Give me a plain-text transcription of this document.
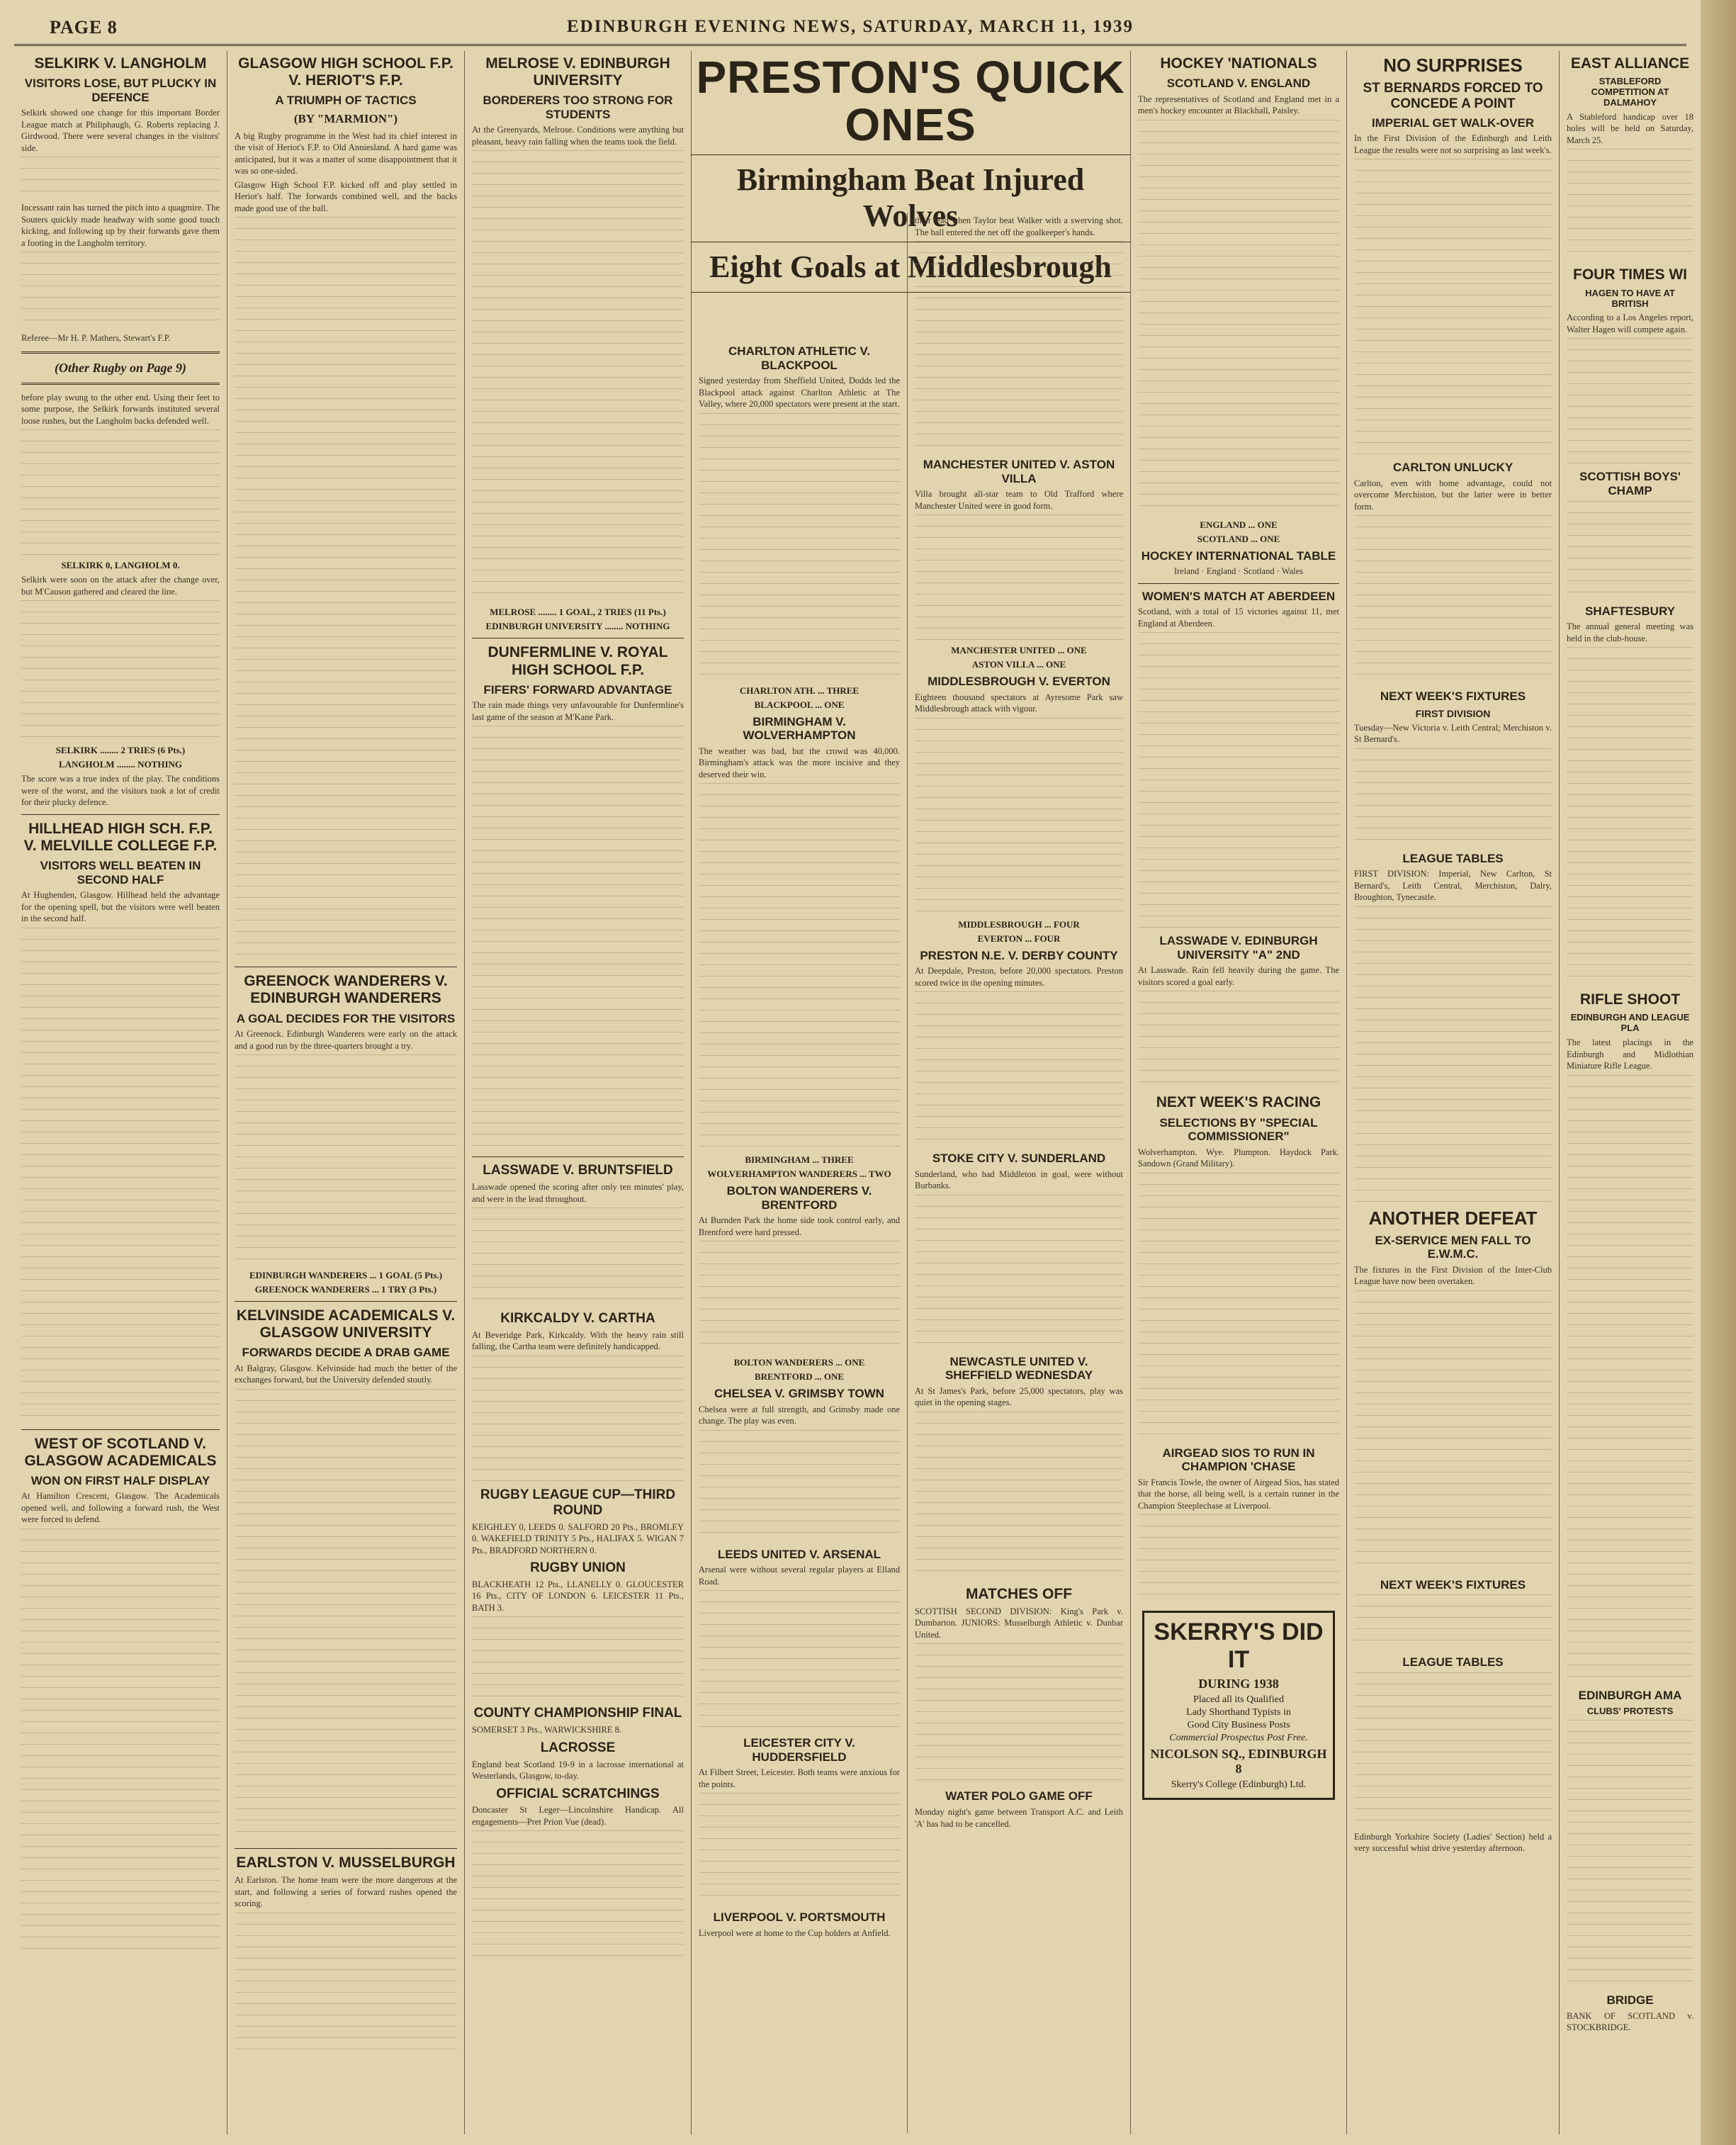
PAGE 8	EDINBURGH EVENING NEWS, SATURDAY, MARCH 11, 1939
SELKIRK V. LANGHOLM
VISITORS LOSE, BUT PLUCKY IN DEFENCE

Selkirk showed one change for this important Border League match at Philiphaugh, G. Roberts replacing J. Girdwood. There were several changes in the visitors' side.

Incessant rain has turned the pitch into a quagmire. The Souters quickly made headway with some good touch kicking, and following up by their forwards gave them a footing in the Langholm territory.

Referee—Mr H. P. Mathers, Stewart's F.P.

(Other Rugby on Page 9)

before play swung to the other end. Using their feet to some purpose, the Selkirk forwards instituted several loose rushes, but the Langholm backs defended well.

SELKIRK 0, LANGHOLM 0.

Selkirk were soon on the attack after the change over, but M'Causon gathered and cleared the line.

SELKIRK ........ 2 TRIES (6 Pts.)
LANGHOLM ........ NOTHING

The score was a true index of the play. The conditions were of the worst, and the visitors took a lot of credit for their plucky defence.

HILLHEAD HIGH SCH. F.P. V. MELVILLE COLLEGE F.P.
VISITORS WELL BEATEN IN SECOND HALF

At Hughenden, Glasgow. Hillhead held the advantage for the opening spell, but the visitors were well beaten in the second half.

WEST OF SCOTLAND V. GLASGOW ACADEMICALS
WON ON FIRST HALF DISPLAY

At Hamilton Crescent, Glasgow. The Academicals opened well, and following a forward rush, the West were forced to defend.

GLASGOW HIGH SCHOOL F.P. V. HERIOT'S F.P.
A TRIUMPH OF TACTICS
(BY "MARMION")

A big Rugby programme in the West had its chief interest in the visit of Heriot's F.P. to Old Anniesland. A hard game was anticipated, but it was a matter of some disappointment that it was so one-sided.

Glasgow High School F.P. kicked off and play settled in Heriot's half. The forwards combined well, and the backs made good use of the ball.

GREENOCK WANDERERS V. EDINBURGH WANDERERS
A GOAL DECIDES FOR THE VISITORS

At Greenock. Edinburgh Wanderers were early on the attack and a good run by the three-quarters brought a try.

EDINBURGH WANDERERS ... 1 GOAL (5 Pts.)
GREENOCK WANDERERS ... 1 TRY (3 Pts.)
KELVINSIDE ACADEMICALS V. GLASGOW UNIVERSITY
FORWARDS DECIDE A DRAB GAME

At Balgray, Glasgow. Kelvinside had much the better of the exchanges forward, but the University defended stoutly.

EARLSTON V. MUSSELBURGH

At Earlston. The home team were the more dangerous at the start, and following a series of forward rushes opened the scoring.

MELROSE V. EDINBURGH UNIVERSITY
BORDERERS TOO STRONG FOR STUDENTS

At the Greenyards, Melrose. Conditions were anything but pleasant, heavy rain falling when the teams took the field.

MELROSE ........ 1 GOAL, 2 TRIES (11 Pts.)
EDINBURGH UNIVERSITY ........ NOTHING
DUNFERMLINE V. ROYAL HIGH SCHOOL F.P.
FIFERS' FORWARD ADVANTAGE

The rain made things very unfavourable for Dunfermline's last game of the season at M'Kane Park.

LASSWADE V. BRUNTSFIELD

Lasswade opened the scoring after only ten minutes' play, and were in the lead throughout.

KIRKCALDY V. CARTHA

At Beveridge Park, Kirkcaldy. With the heavy rain still falling, the Cartha team were definitely handicapped.

RUGBY LEAGUE CUP—THIRD ROUND

KEIGHLEY 0, LEEDS 0. SALFORD 20 Pts., BROMLEY 0. WAKEFIELD TRINITY 5 Pts., HALIFAX 5. WIGAN 7 Pts., BRADFORD NORTHERN 0.

RUGBY UNION

BLACKHEATH 12 Pts., LLANELLY 0. GLOUCESTER 16 Pts., CITY OF LONDON 6. LEICESTER 11 Pts., BATH 3.

COUNTY CHAMPIONSHIP FINAL

SOMERSET 3 Pts., WARWICKSHIRE 8.

LACROSSE

England beat Scotland 19-9 in a lacrosse international at Westerlands, Glasgow, to-day.

OFFICIAL SCRATCHINGS

Doncaster St Leger—Lincolnshire Handicap. All engagements—Pret Prion Vue (dead).

PRESTON'S QUICK ONES
Birmingham Beat Injured Wolves
Eight Goals at Middlesbrough
CHARLTON ATHLETIC V. BLACKPOOL

Signed yesterday from Sheffield United, Dodds led the Blackpool attack against Charlton Athletic at The Valley, where 20,000 spectators were present at the start.

CHARLTON ATH. ... THREE
BLACKPOOL ... ONE
BIRMINGHAM V. WOLVERHAMPTON

The weather was bad, but the crowd was 40,000. Birmingham's attack was the more incisive and they deserved their win.

BIRMINGHAM ... THREE
WOLVERHAMPTON WANDERERS ... TWO
BOLTON WANDERERS V. BRENTFORD

At Burnden Park the home side took control early, and Brentford were hard pressed.

BOLTON WANDERERS ... ONE
BRENTFORD ... ONE
CHELSEA V. GRIMSBY TOWN

Chelsea were at full strength, and Grimsby made one change. The play was even.

LEEDS UNITED V. ARSENAL

Arsenal were without several regular players at Elland Road.

LEICESTER CITY V. HUDDERSFIELD

At Filbert Street, Leicester. Both teams were anxious for the points.

LIVERPOOL V. PORTSMOUTH

Liverpool were at home to the Cup holders at Anfield.

their lead when Taylor beat Walker with a swerving shot. The ball entered the net off the goalkeeper's hands.

MANCHESTER UNITED V. ASTON VILLA

Villa brought all-star team to Old Trafford where Manchester United were in good form.

MANCHESTER UNITED ... ONE
ASTON VILLA ... ONE
MIDDLESBROUGH V. EVERTON

Eighteen thousand spectators at Ayresome Park saw Middlesbrough attack with vigour.

MIDDLESBROUGH ... FOUR
EVERTON ... FOUR
PRESTON N.E. V. DERBY COUNTY

At Deepdale, Preston, before 20,000 spectators. Preston scored twice in the opening minutes.

STOKE CITY V. SUNDERLAND

Sunderland, who had Middleton in goal, were without Burbanks.

NEWCASTLE UNITED V. SHEFFIELD WEDNESDAY

At St James's Park, before 25,000 spectators, play was quiet in the opening stages.

MATCHES OFF

SCOTTISH SECOND DIVISION: King's Park v. Dumbarton. JUNIORS: Musselburgh Athletic v. Dunbar United.

WATER POLO GAME OFF

Monday night's game between Transport A.C. and Leith 'A' has had to be cancelled.

HOCKEY 'NATIONALS
SCOTLAND V. ENGLAND

The representatives of Scotland and England met in a men's hockey encounter at Blackhall, Paisley.

ENGLAND ... ONE
SCOTLAND ... ONE
HOCKEY INTERNATIONAL TABLE

Ireland · England · Scotland · Wales

WOMEN'S MATCH AT ABERDEEN

Scotland, with a total of 15 victories against 11, met England at Aberdeen.

LASSWADE V. EDINBURGH UNIVERSITY "A" 2ND

At Lasswade. Rain fell heavily during the game. The visitors scored a goal early.

NEXT WEEK'S RACING
SELECTIONS BY "SPECIAL COMMISSIONER"

Wolverhampton. Wye. Plumpton. Haydock Park. Sandown (Grand Military).

AIRGEAD SIOS TO RUN IN CHAMPION 'CHASE

Sir Francis Towle, the owner of Airgead Sios, has stated that the horse, all being well, is a certain runner in the Champion Steeplechase at Liverpool.

SKERRY'S DID IT
DURING 1938
Placed all its Qualified
Lady Shorthand Typists in
Good City Business Posts
Commercial Prospectus Post Free.
NICOLSON SQ., EDINBURGH 8
Skerry's College (Edinburgh) Ltd.
NO SURPRISES
ST BERNARDS FORCED TO CONCEDE A POINT
IMPERIAL GET WALK-OVER

In the First Division of the Edinburgh and Leith League the results were not so surprising as last week's.

CARLTON UNLUCKY

Carlton, even with home advantage, could not overcome Merchiston, but the latter were in better form.

NEXT WEEK'S FIXTURES
FIRST DIVISION

Tuesday—New Victoria v. Leith Central; Merchiston v. St Bernard's.

LEAGUE TABLES

FIRST DIVISION: Imperial, New Carlton, St Bernard's, Leith Central, Merchiston, Dalry, Broughton, Tynecastle.

ANOTHER DEFEAT
EX-SERVICE MEN FALL TO E.W.M.C.

The fixtures in the First Division of the Inter-Club League have now been overtaken.

NEXT WEEK'S FIXTURES
LEAGUE TABLES

Edinburgh Yorkshire Society (Ladies' Section) held a very successful whist drive yesterday afternoon.

EAST ALLIANCE
STABLEFORD COMPETITION AT DALMAHOY

A Stableford handicap over 18 holes will be held on Saturday, March 25.

FOUR TIMES WI
HAGEN TO HAVE AT BRITISH

According to a Los Angeles report, Walter Hagen will compete again.

SCOTTISH BOYS' CHAMP
SHAFTESBURY

The annual general meeting was held in the club-house.

RIFLE SHOOT
EDINBURGH AND LEAGUE PLA

The latest placings in the Edinburgh and Midlothian Miniature Rifle League.

EDINBURGH AMA
CLUBS' PROTESTS
BRIDGE

BANK OF SCOTLAND v. STOCKBRIDGE.
